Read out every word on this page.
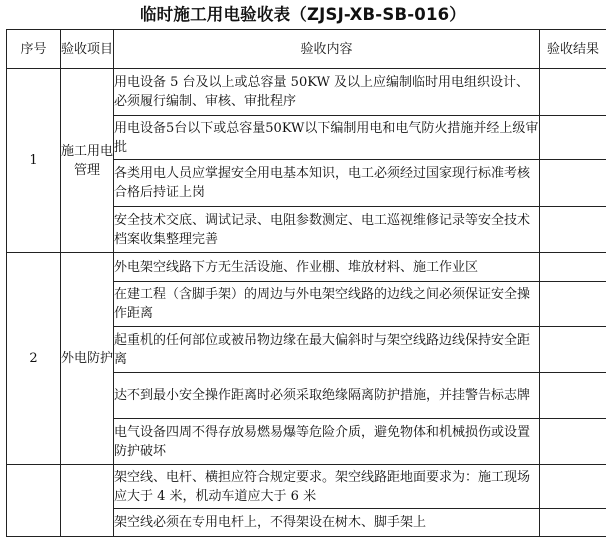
临时施工用电验收表（ZJSJ-XB-SB-016）
序号	验收项目	验收内容	验收结果
1	施工用电管理	用电设备 5 台及以上或总容量 50KW 及以上应编制临时用电组织设计、必须履行编制、审核、审批程序	
		用电设备5台以下或总容量50KW以下编制用电和电气防火措施并经上级审批	
		各类用电人员应掌握安全用电基本知识，电工必须经过国家现行标准考核合格后持证上岗	
		安全技术交底、调试记录、电阻参数测定、电工巡视维修记录等安全技术档案收集整理完善	
2	外电防护	外电架空线路下方无生活设施、作业棚、堆放材料、施工作业区	
		在建工程（含脚手架）的周边与外电架空线路的边线之间必须保证安全操作距离	
		起重机的任何部位或被吊物边缘在最大偏斜时与架空线路边线保持安全距离	
		达不到最小安全操作距离时必须采取绝缘隔离防护措施，并挂警告标志牌	
		电气设备四周不得存放易燃易爆等危险介质，避免物体和机械损伤或设置防护破坏	
		架空线、电杆、横担应符合规定要求。架空线路距地面要求为：施工现场应大于 4 米，机动车道应大于 6 米	
		架空线必须在专用电杆上，不得架设在树木、脚手架上	
